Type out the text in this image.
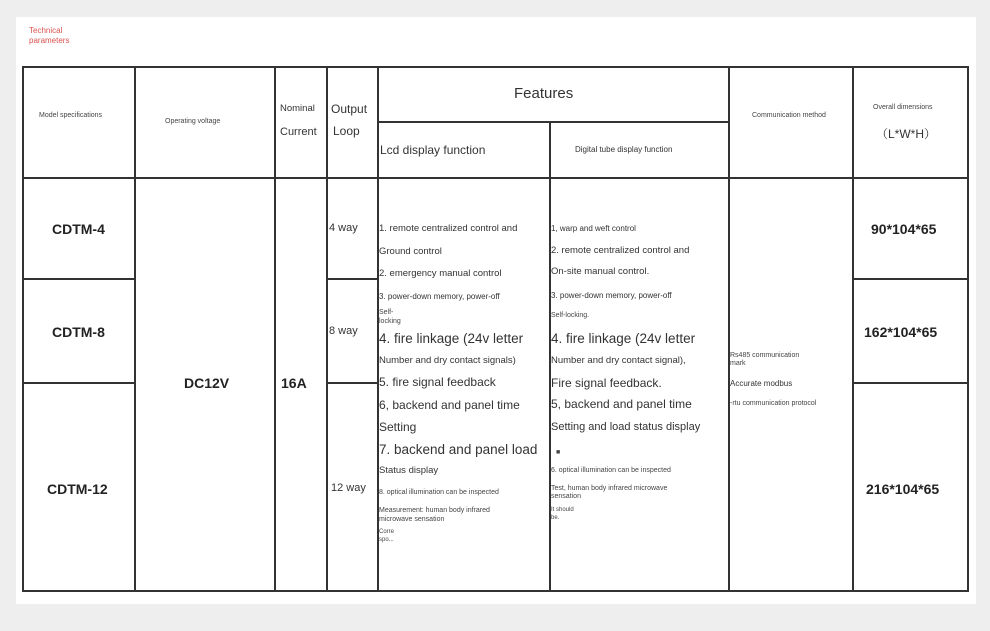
Technical parameters
Model specifications
Operating voltage
Nominal
Current
Output
Loop
Features
Lcd display function	Digital tube display function
Communication method
Overall dimensions
（L*W*H）
CDTM-4
CDTM-8
CDTM-12
DC12V	16A
4 way
8 way
12 way
90*104*65
162*104*65
216*104*65
1. remote centralized control and
Ground control
2. emergency manual control
3. power-down memory, power-off
Self-
locking
4. fire linkage (24v letter
Number and dry contact signals)
5. fire signal feedback
6, backend and panel time
Setting
7. backend and panel load
Status display
8. optical illumination can be inspected
Measurement: human body infrared
microwave sensation
Corre
spo...
1, warp and weft control
2. remote centralized control and
On-site manual control.
3. power-down memory, power-off
Self-locking.
4. fire linkage (24v letter
Number and dry contact signal),
Fire signal feedback.
5, backend and panel time
Setting and load status display
■
6. optical illumination can be inspected
Test, human body infrared microwave
sensation
It should
be.
Rs485 communication
mark
Accurate modbus
-rtu communication protocol
